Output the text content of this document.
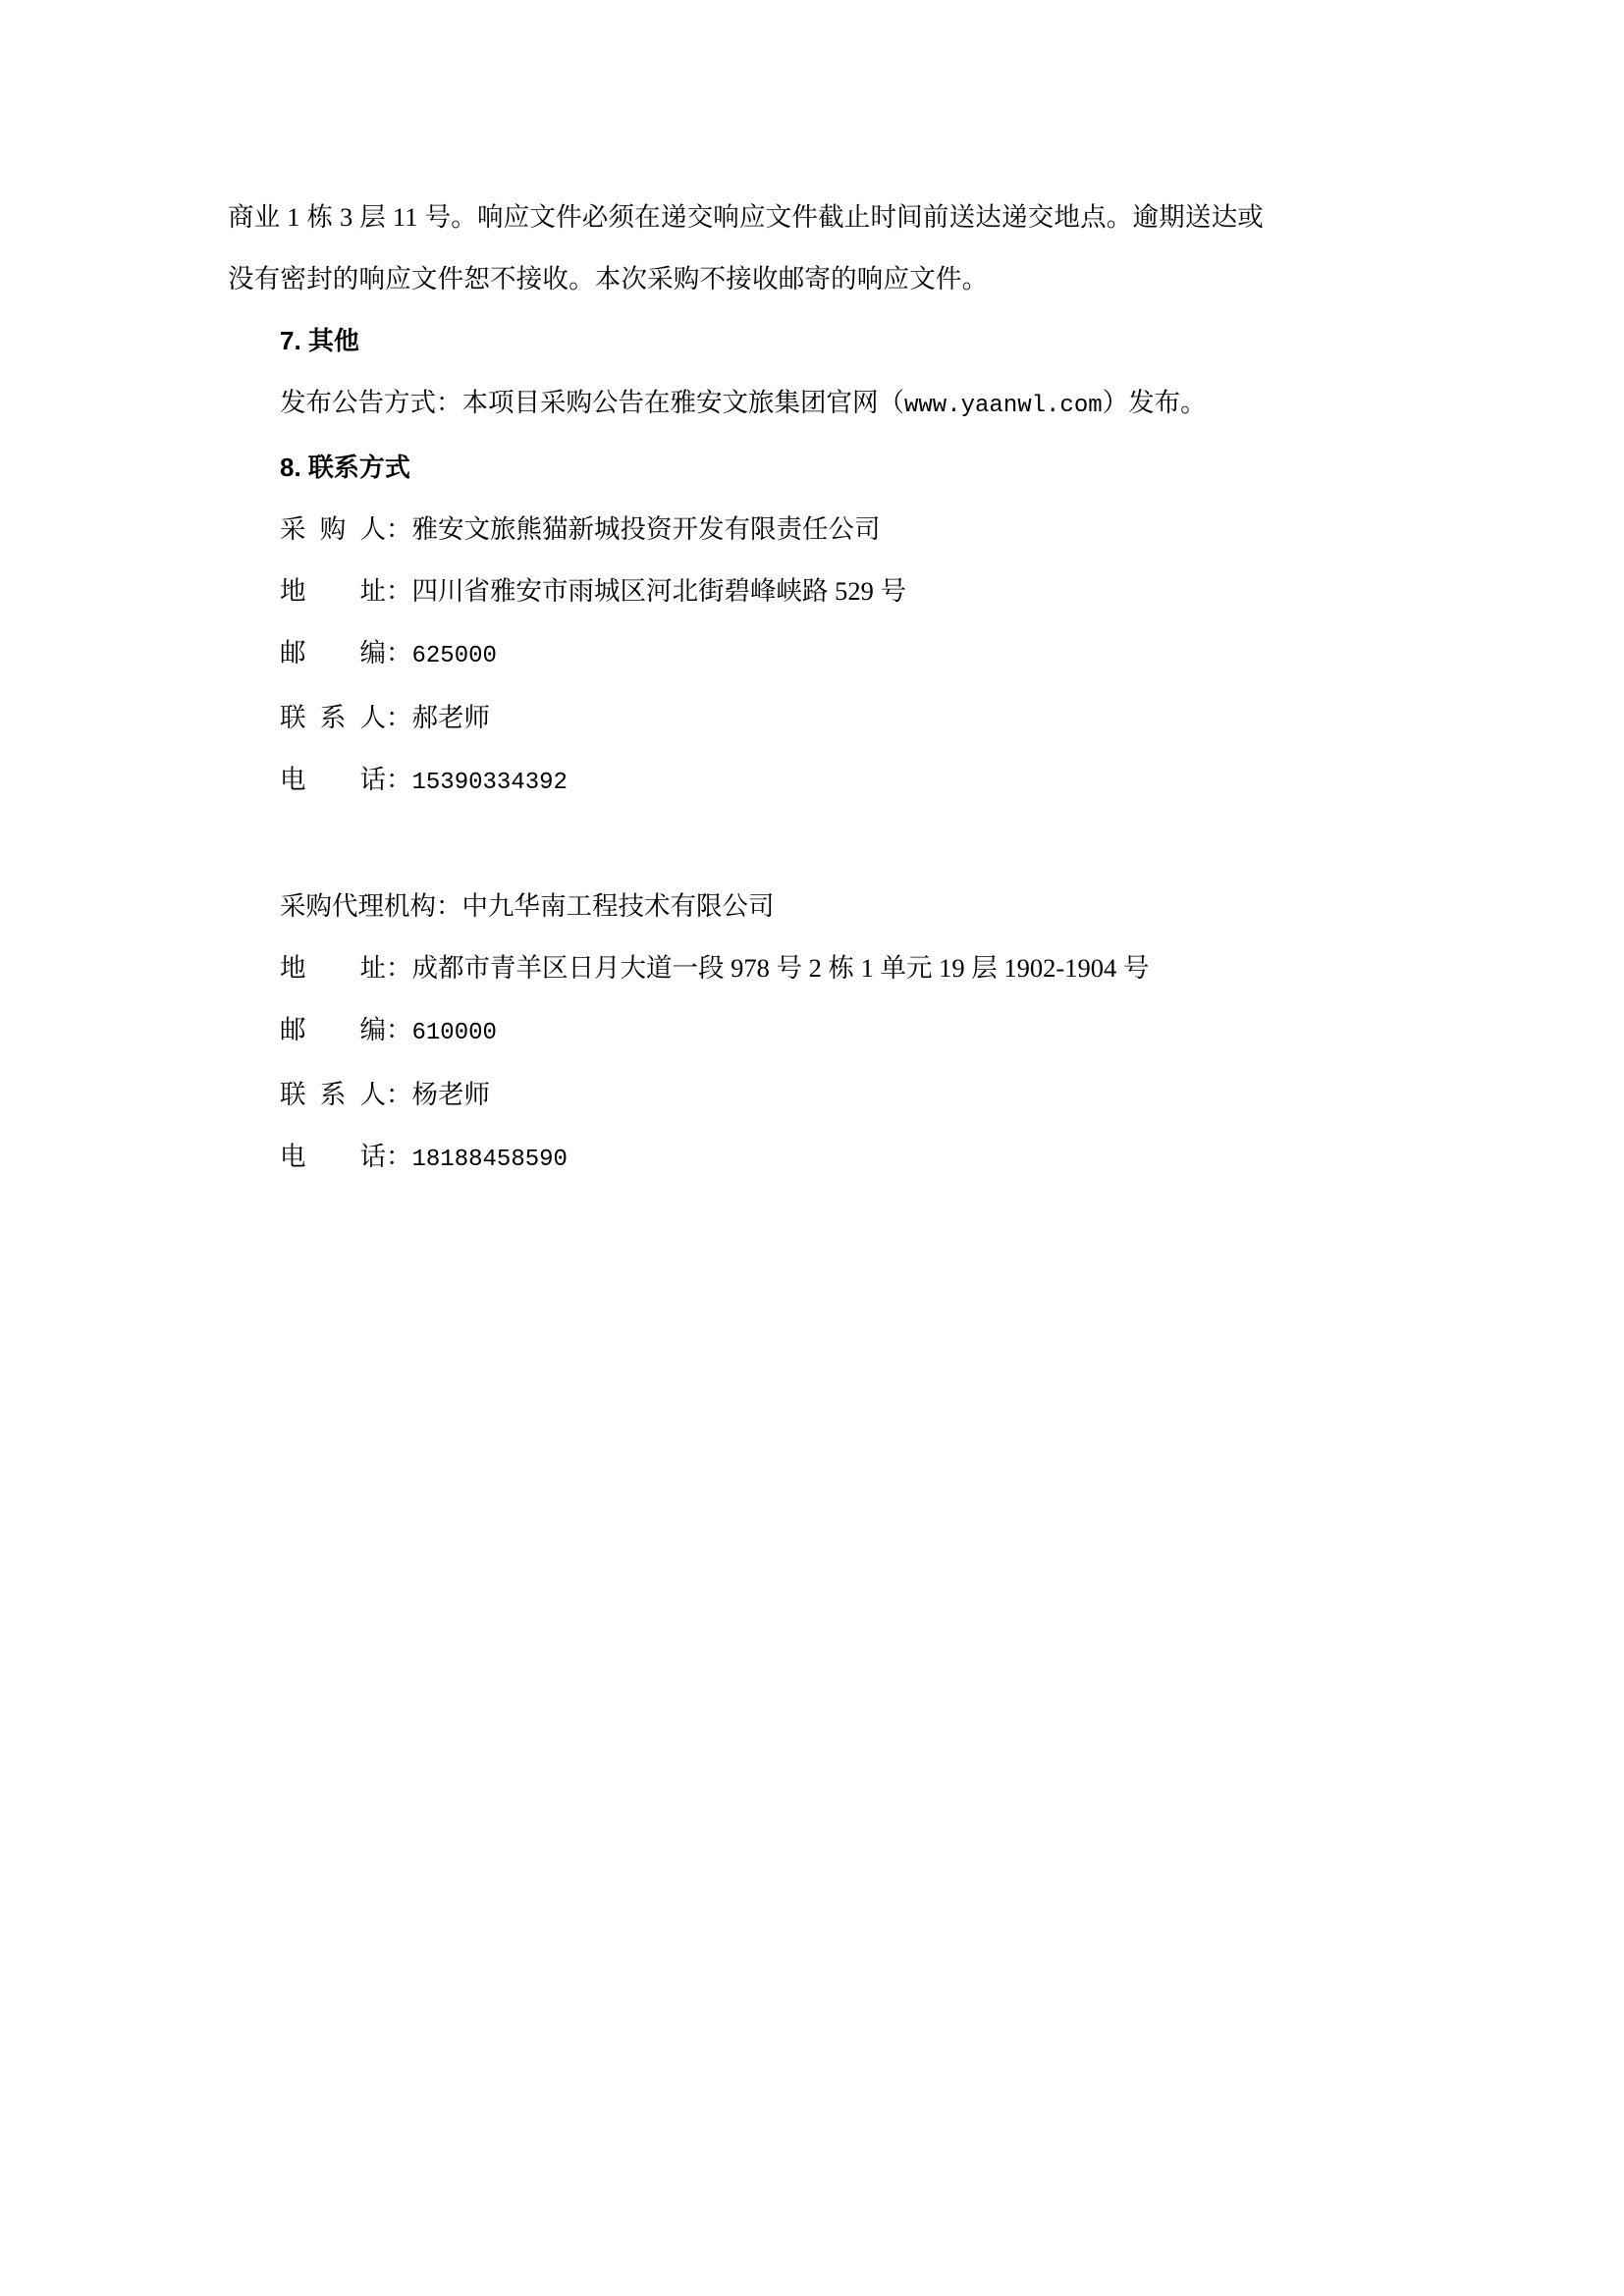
商业 1 栋 3 层 11 号。响应文件必须在递交响应文件截止时间前送达递交地点。逾期送达或
没有密封的响应文件恕不接收。本次采购不接收邮寄的响应文件。

7. 其他

发布公告方式：本项目采购公告在雅安文旅集团官网（www.yaanwl.com）发布。

8. 联系方式
采 购 人：雅安文旅熊猫新城投资开发有限责任公司
地 址：四川省雅安市雨城区河北街碧峰峡路 529 号
邮 编：625000
联 系 人：郝老师
电 话：15390334392
采购代理机构：中九华南工程技术有限公司
地 址：成都市青羊区日月大道一段 978 号 2 栋 1 单元 19 层 1902-1904 号
邮 编：610000
联 系 人：杨老师
电 话：18188458590
